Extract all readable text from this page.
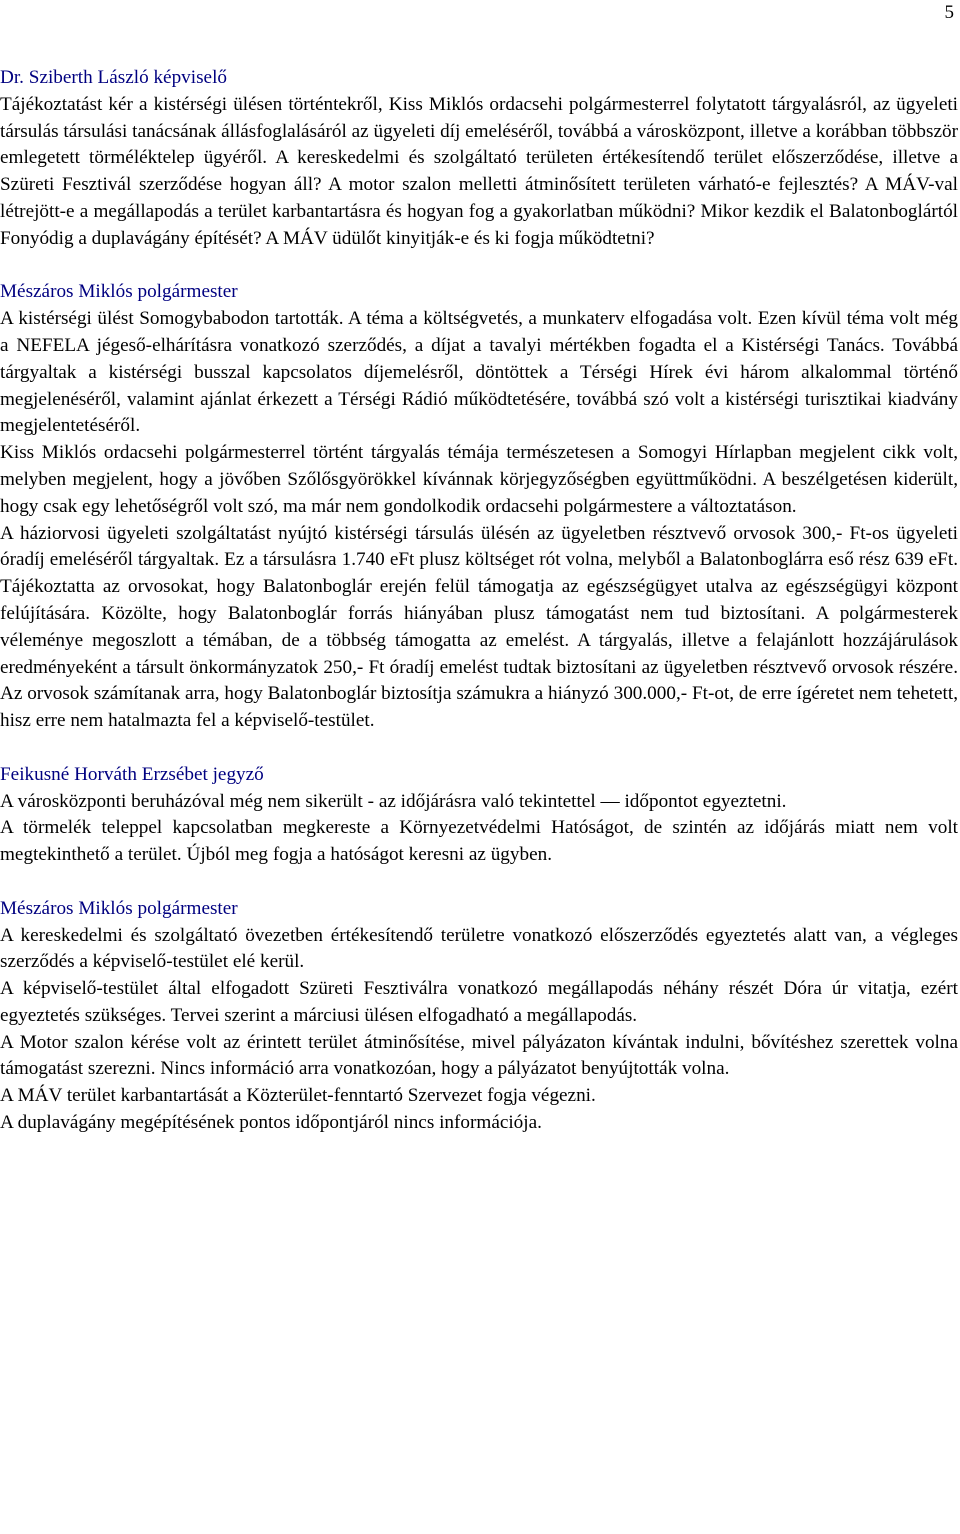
5
Dr. Sziberth László képviselő

Tájékoztatást kér a kistérségi ülésen történtekről, Kiss Miklós ordacsehi polgármesterrel folytatott tárgyalásról, az ügyeleti társulás társulási tanácsának állásfoglalásáról az ügyeleti díj emeléséről, továbbá a városközpont, illetve a korábban többször emlegetett törméléktelep ügyéről. A kereskedelmi és szolgáltató területen értékesítendő terület előszerződése, illetve a Szüreti Fesztivál szerződése hogyan áll? A motor szalon melletti átminősített területen várható-e fejlesztés? A MÁV-val létrejött-e a megállapodás a terület karbantartásra és hogyan fog a gyakorlatban működni? Mikor kezdik el Balatonboglártól Fonyódig a duplavágány építését? A MÁV üdülőt kinyitják-e és ki fogja működtetni?

Mészáros Miklós polgármester

A kistérségi ülést Somogybabodon tartották. A téma a költségvetés, a munkaterv elfogadása volt. Ezen kívül téma volt még a NEFELA jégeső-elhárításra vonatkozó szerződés, a díjat a tavalyi mértékben fogadta el a Kistérségi Tanács. Továbbá tárgyaltak a kistérségi busszal kapcsolatos díjemelésről, döntöttek a Térségi Hírek évi három alkalommal történő megjelenéséről, valamint ajánlat érkezett a Térségi Rádió működtetésére, továbbá szó volt a kistérségi turisztikai kiadvány megjelentetéséről.

Kiss Miklós ordacsehi polgármesterrel történt tárgyalás témája természetesen a Somogyi Hírlapban megjelent cikk volt, melyben megjelent, hogy a jövőben Szőlősgyörökkel kívánnak körjegyzőségben együttműködni. A beszélgetésen kiderült, hogy csak egy lehetőségről volt szó, ma már nem gondolkodik ordacsehi polgármestere a változtatáson.

A háziorvosi ügyeleti szolgáltatást nyújtó kistérségi társulás ülésén az ügyeletben résztvevő orvosok 300,- Ft-os ügyeleti óradíj emeléséről tárgyaltak. Ez a társulásra 1.740 eFt plusz költséget rót volna, melyből a Balatonboglárra eső rész 639 eFt. Tájékoztatta az orvosokat, hogy Balatonboglár erején felül támogatja az egészségügyet utalva az egészségügyi központ felújítására. Közölte, hogy Balatonboglár forrás hiányában plusz támogatást nem tud biztosítani. A polgármesterek véleménye megoszlott a témában, de a többség támogatta az emelést. A tárgyalás, illetve a felajánlott hozzájárulások eredményeként a társult önkormányzatok 250,- Ft óradíj emelést tudtak biztosítani az ügyeletben résztvevő orvosok részére. Az orvosok számítanak arra, hogy Balatonboglár biztosítja számukra a hiányzó 300.000,- Ft-ot, de erre ígéretet nem tehetett, hisz erre nem hatalmazta fel a képviselő-testület.

Feikusné Horváth Erzsébet jegyző

A városközponti beruházóval még nem sikerült - az időjárásra való tekintettel — időpontot egyeztetni.

A törmelék teleppel kapcsolatban megkereste a Környezetvédelmi Hatóságot, de szintén az időjárás miatt nem volt megtekinthető a terület. Újból meg fogja a hatóságot keresni az ügyben.

Mészáros Miklós polgármester

A kereskedelmi és szolgáltató övezetben értékesítendő területre vonatkozó előszerződés egyeztetés alatt van, a végleges szerződés a képviselő-testület elé kerül.

A képviselő-testület által elfogadott Szüreti Fesztiválra vonatkozó megállapodás néhány részét Dóra úr vitatja, ezért egyeztetés szükséges. Tervei szerint a márciusi ülésen elfogadható a megállapodás.

A Motor szalon kérése volt az érintett terület átminősítése, mivel pályázaton kívántak indulni, bővítéshez szerettek volna támogatást szerezni. Nincs információ arra vonatkozóan, hogy a pályázatot benyújtották volna.

A MÁV terület karbantartását a Közterület-fenntartó Szervezet fogja végezni.

A duplavágány megépítésének pontos időpontjáról nincs információja.
